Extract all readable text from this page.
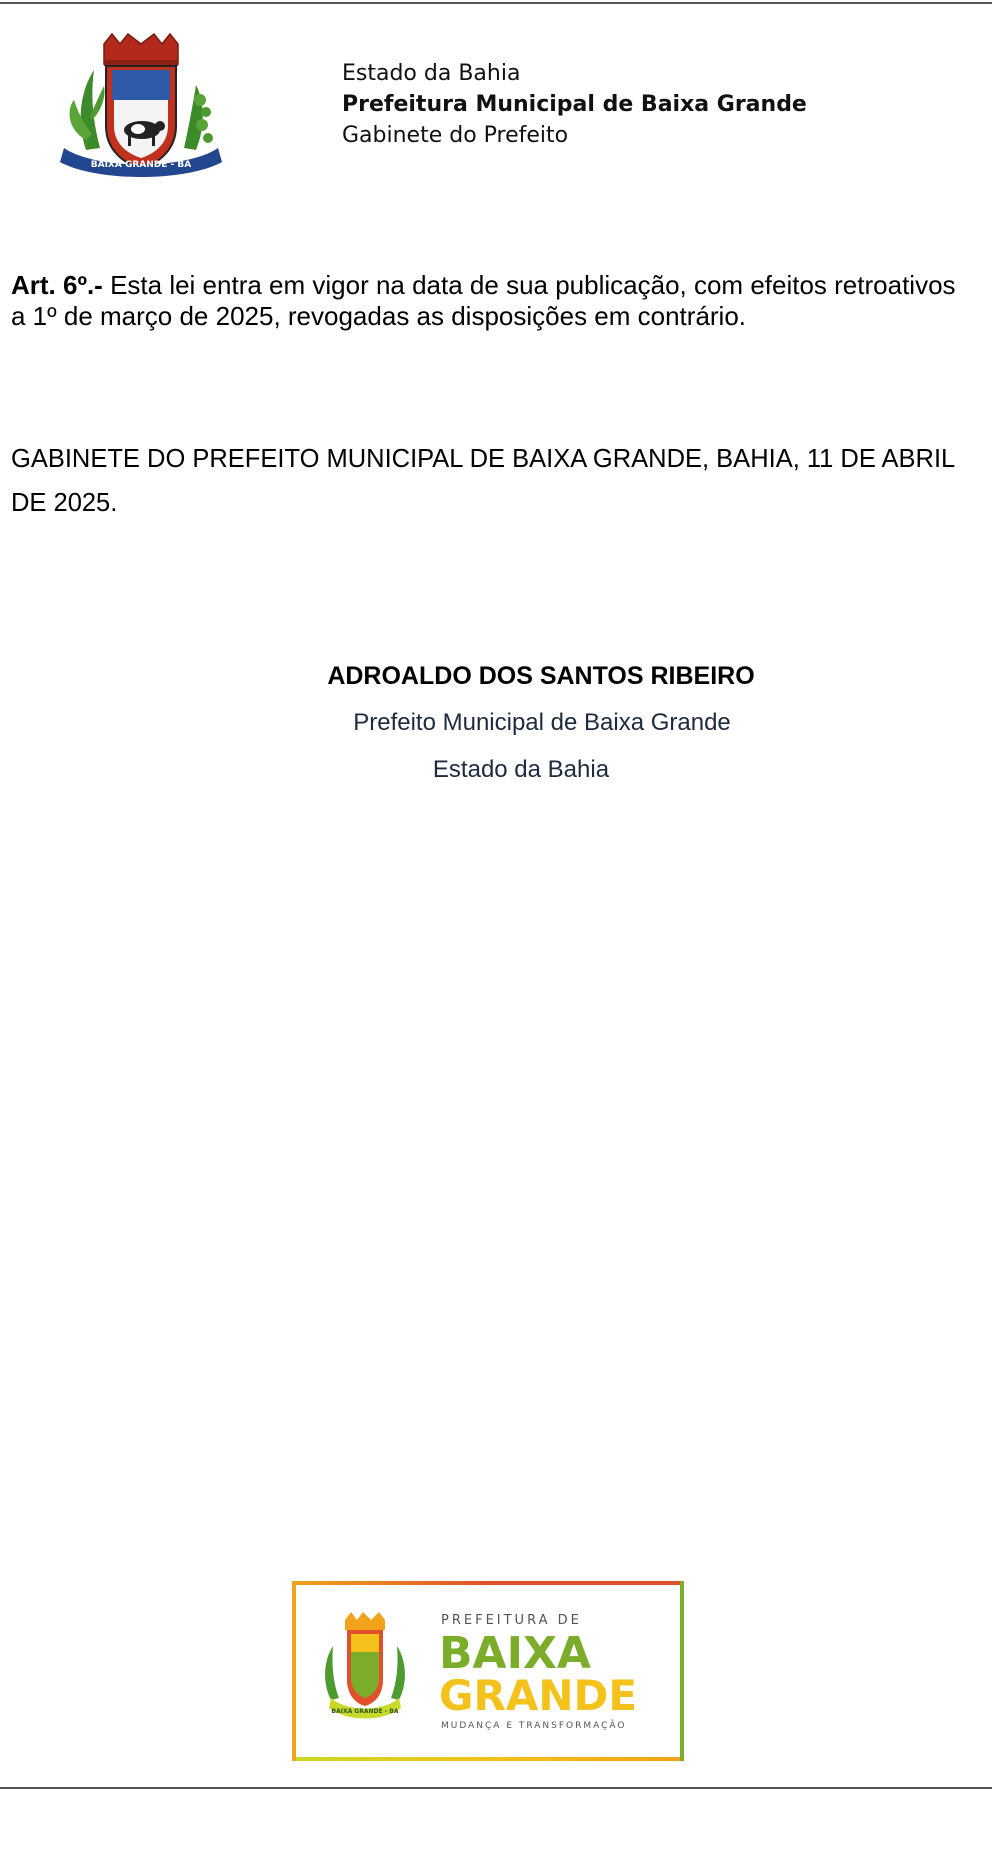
BAIXA GRANDE - BA
Estado da Bahia
Prefeitura Municipal de Baixa Grande
Gabinete do Prefeito
Art. 6º.- Esta lei entra em vigor na data de sua publicação, com efeitos retroativos a 1º de março de 2025, revogadas as disposições em contrário.
GABINETE DO PREFEITO MUNICIPAL DE BAIXA GRANDE, BAHIA, 11 DE ABRIL DE 2025.
ADROALDO DOS SANTOS RIBEIRO
Prefeito Municipal de Baixa Grande
Estado da Bahia
BAIXA GRANDE - BA
PREFEITURA DE
BAIXA
GRANDE
MUDANÇA E TRANSFORMAÇÃO
